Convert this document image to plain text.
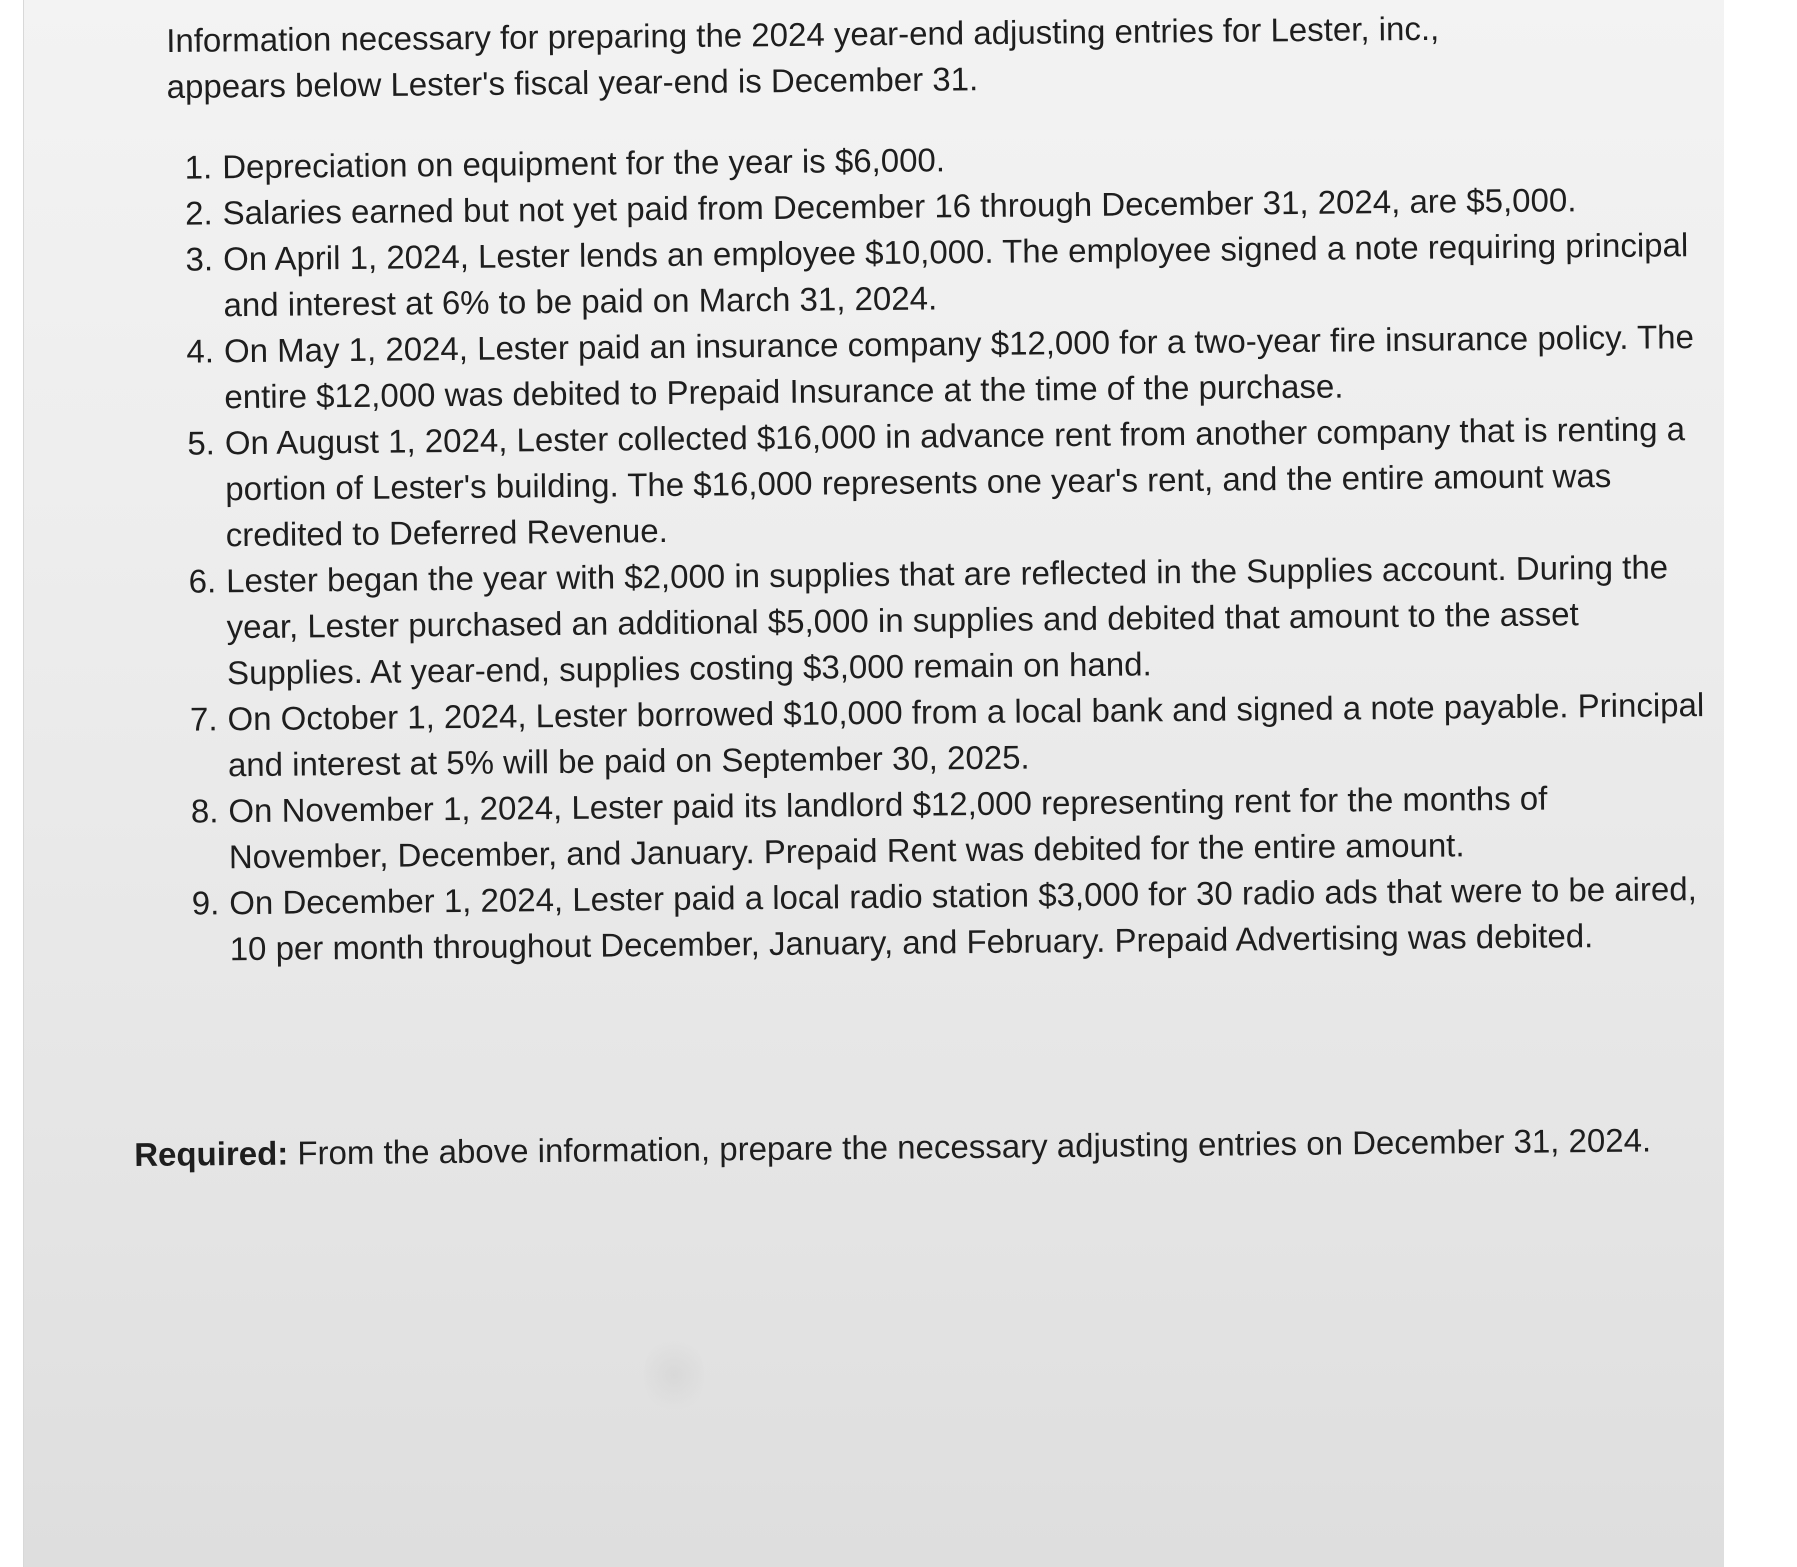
Information necessary for preparing the 2024 year-end adjusting entries for Lester, inc., appears below Lester's fiscal year-end is December 31.

1. Depreciation on equipment for the year is $6,000.
2. Salaries earned but not yet paid from December 16 through December 31, 2024, are $5,000.
3. On April 1, 2024, Lester lends an employee $10,000. The employee signed a note requiring principal and interest at 6% to be paid on March 31, 2024.
4. On May 1, 2024, Lester paid an insurance company $12,000 for a two-year fire insurance policy. The entire $12,000 was debited to Prepaid Insurance at the time of the purchase.
5. On August 1, 2024, Lester collected $16,000 in advance rent from another company that is renting a portion of Lester's building. The $16,000 represents one year's rent, and the entire amount was credited to Deferred Revenue.
6. Lester began the year with $2,000 in supplies that are reflected in the Supplies account. During the year, Lester purchased an additional $5,000 in supplies and debited that amount to the asset Supplies. At year-end, supplies costing $3,000 remain on hand.
7. On October 1, 2024, Lester borrowed $10,000 from a local bank and signed a note payable. Principal and interest at 5% will be paid on September 30, 2025.
8. On November 1, 2024, Lester paid its landlord $12,000 representing rent for the months of November, December, and January. Prepaid Rent was debited for the entire amount.
9. On December 1, 2024, Lester paid a local radio station $3,000 for 30 radio ads that were to be aired, 10 per month throughout December, January, and February. Prepaid Advertising was debited.

Required: From the above information, prepare the necessary adjusting entries on December 31, 2024.
